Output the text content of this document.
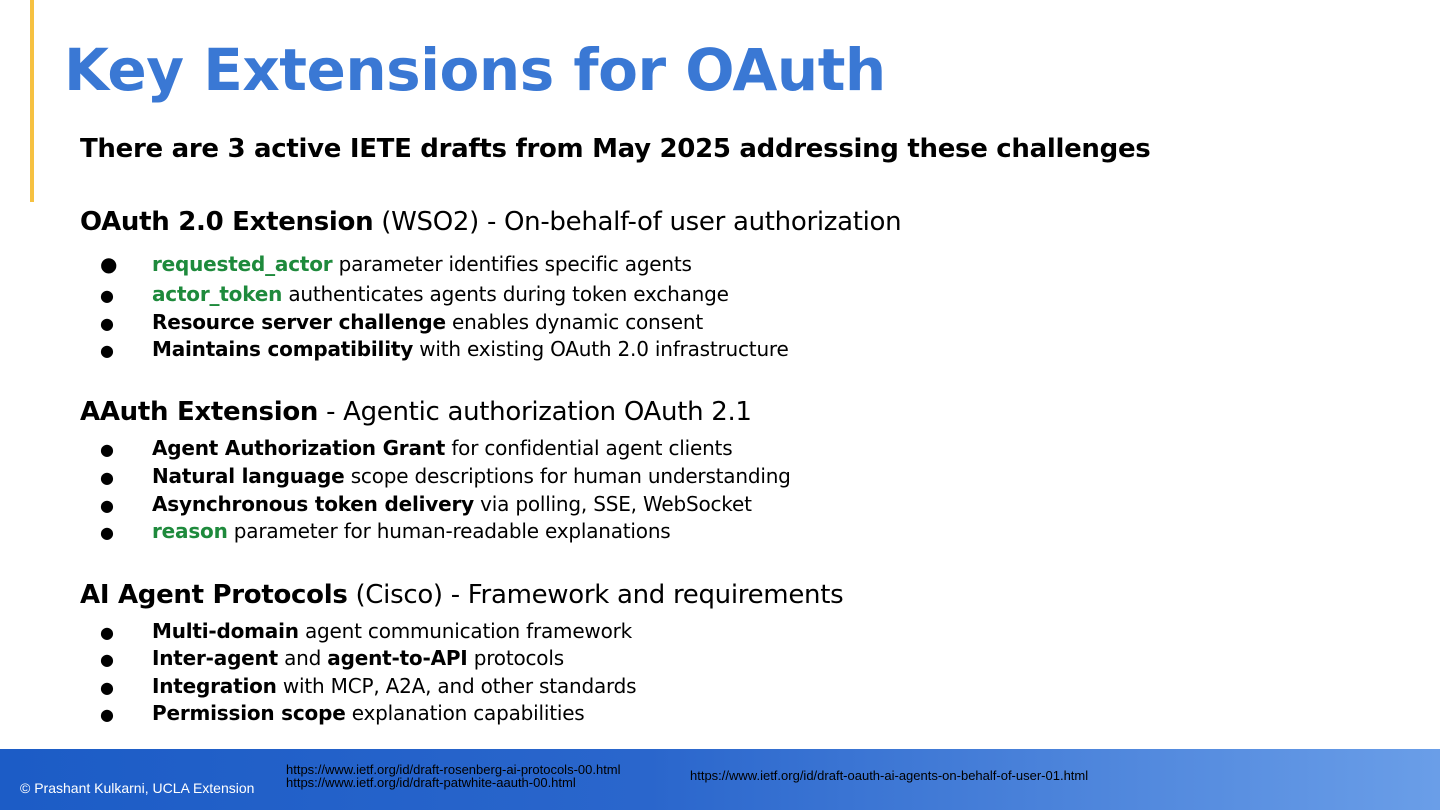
Key Extensions for OAuth
There are 3 active IETE drafts from May 2025 addressing these challenges
OAuth 2.0 Extension (WSO2) - On-behalf-of user authorization
● requested_actor parameter identifies specific agents
● actor_token authenticates agents during token exchange
● Resource server challenge enables dynamic consent
● Maintains compatibility with existing OAuth 2.0 infrastructure
AAuth Extension - Agentic authorization OAuth 2.1
● Agent Authorization Grant for confidential agent clients
● Natural language scope descriptions for human understanding
● Asynchronous token delivery via polling, SSE, WebSocket
● reason parameter for human-readable explanations
AI Agent Protocols (Cisco) - Framework and requirements
● Multi-domain agent communication framework
● Inter-agent and agent-to-API protocols
● Integration with MCP, A2A, and other standards
● Permission scope explanation capabilities
© Prashant Kulkarni, UCLA Extension
https://www.ietf.org/id/draft-rosenberg-ai-protocols-00.html
https://www.ietf.org/id/draft-patwhite-aauth-00.html	https://www.ietf.org/id/draft-oauth-ai-agents-on-behalf-of-user-01.html
